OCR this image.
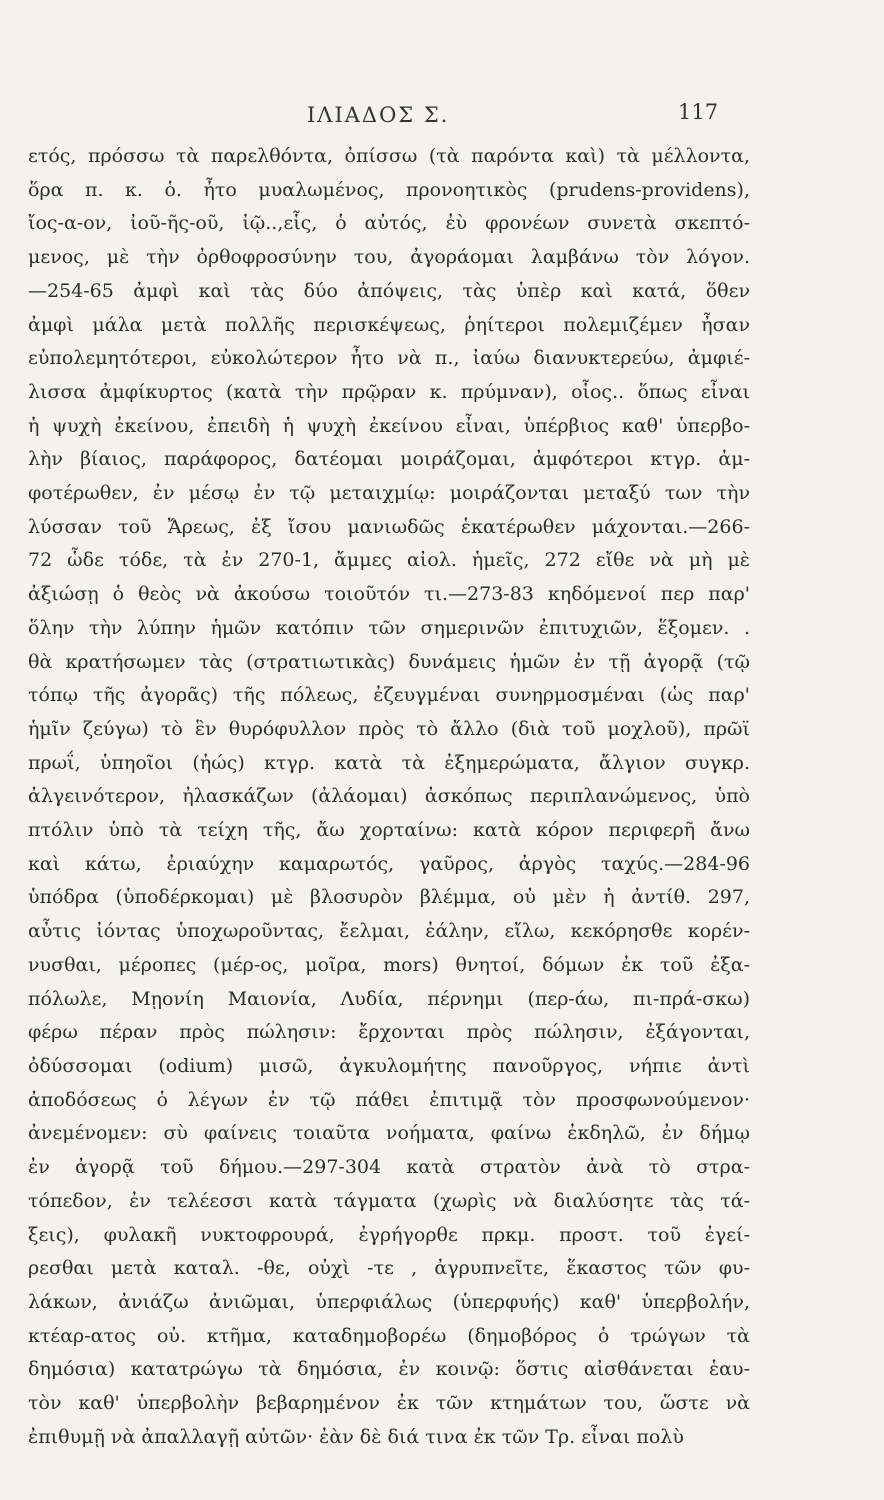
ΙΛΙΑΔΟΣ Σ.	117
ετός, πρόσσω τὰ παρελθόντα, ὀπίσσω (τὰ παρόντα καὶ) τὰ μέλλοντα,
ὅρα π. κ. ὁ. ἦτο μυαλωμένος, προνοητικὸς (prudens-providens),
ἴος-α-ον, ἰοῦ-ῆς-οῦ, ἰῷ..,εἷς, ὁ αὐτός, ἐὺ φρονέων συνετὰ σκεπτό-
μενος, μὲ τὴν ὀρθοφροσύνην του, ἀγοράομαι λαμβάνω τὸν λόγον.
—254-65 ἀμφὶ καὶ τὰς δύο ἀπόψεις, τὰς ὑπὲρ καὶ κατά, ὅθεν
ἀμφὶ μάλα μετὰ πολλῆς περισκέψεως, ῥηίτεροι πολεμιζέμεν ἦσαν
εὐπολεμητότεροι, εὐκολώτερον ἦτο νὰ π., ἰαύω διανυκτερεύω, ἀμφιέ-
λισσα ἀμφίκυρτος (κατὰ τὴν πρῷραν κ. πρύμναν), οἷος.. ὅπως εἶναι
ἡ ψυχὴ ἐκείνου, ἐπειδὴ ἡ ψυχὴ ἐκείνου εἶναι, ὑπέρβιος καθ' ὑπερβο-
λὴν βίαιος, παράφορος, δατέομαι μοιράζομαι, ἀμφότεροι κτγρ. ἀμ-
φοτέρωθεν, ἐν μέσῳ ἐν τῷ μεταιχμίῳ: μοιράζονται μεταξύ των τὴν
λύσσαν τοῦ Ἄρεως, ἐξ ἴσου μανιωδῶς ἑκατέρωθεν μάχονται.—266-
72 ὧδε τόδε, τὰ ἐν 270-1, ἄμμες αἰολ. ἡμεῖς, 272 εἴθε νὰ μὴ μὲ
ἀξιώσῃ ὁ θεὸς νὰ ἀκούσω τοιοῦτόν τι.—273-83 κηδόμενοί περ παρ'
ὅλην τὴν λύπην ἡμῶν κατόπιν τῶν σημερινῶν ἐπιτυχιῶν, ἕξομεν. .
θὰ κρατήσωμεν τὰς (στρατιωτικὰς) δυνάμεις ἡμῶν ἐν τῇ ἀγορᾷ (τῷ
τόπῳ τῆς ἀγορᾶς) τῆς πόλεως, ἐζευγμέναι συνηρμοσμέναι (ὡς παρ'
ἡμῖν ζεύγω) τὸ ἓν θυρόφυλλον πρὸς τὸ ἄλλο (διὰ τοῦ μοχλοῦ), πρῶϊ
πρωΐ, ὑπηοῖοι (ἠώς) κτγρ. κατὰ τὰ ἐξημερώματα, ἄλγιον συγκρ.
ἀλγεινότερον, ἠλασκάζων (ἀλάομαι) ἀσκόπως περιπλανώμενος, ὑπὸ
πτόλιν ὑπὸ τὰ τείχη τῆς, ἄω χορταίνω: κατὰ κόρον περιφερῆ ἄνω
καὶ κάτω, ἐριαύχην καμαρωτός, γαῦρος, ἀργὸς ταχύς.—284-96
ὑπόδρα (ὑποδέρκομαι) μὲ βλοσυρὸν βλέμμα, οὐ μὲν ἡ ἀντίθ. 297,
αὖτις ἰόντας ὑποχωροῦντας, ἔελμαι, ἐάλην, εἴλω, κεκόρησθε κορέν-
νυσθαι, μέροπες (μέρ-ος, μοῖρα, mors) θνητοί, δόμων ἐκ τοῦ ἐξα-
πόλωλε, Μῃονίη Μαιονία, Λυδία, πέρνημι (περ-άω, πι-πρά-σκω)
φέρω πέραν πρὸς πώλησιν: ἔρχονται πρὸς πώλησιν, ἐξάγονται,
ὀδύσσομαι (odium) μισῶ, ἀγκυλομήτης πανοῦργος, νήπιε ἀντὶ
ἀποδόσεως ὁ λέγων ἐν τῷ πάθει ἐπιτιμᾷ τὸν προσφωνούμενον·
ἀνεμένομεν: σὺ φαίνεις τοιαῦτα νοήματα, φαίνω ἐκδηλῶ, ἐν δήμῳ
ἐν ἀγορᾷ τοῦ δήμου.—297-304 κατὰ στρατὸν ἀνὰ τὸ στρα-
τόπεδον, ἐν τελέεσσι κατὰ τάγματα (χωρὶς νὰ διαλύσητε τὰς τά-
ξεις), φυλακῆ νυκτοφρουρά, ἐγρήγορθε πρκμ. προστ. τοῦ ἐγεί-
ρεσθαι μετὰ καταλ. -θε, οὐχὶ -τε , ἀγρυπνεῖτε, ἕκαστος τῶν φυ-
λάκων, ἀνιάζω ἀνιῶμαι, ὑπερφιάλως (ὑπερφυής) καθ' ὑπερβολήν,
κτέαρ-ατος οὐ. κτῆμα, καταδημοβορέω (δημοβόρος ὁ τρώγων τὰ
δημόσια) κατατρώγω τὰ δημόσια, ἐν κοινῷ: ὅστις αἰσθάνεται ἑαυ-
τὸν καθ' ὑπερβολὴν βεβαρημένον ἐκ τῶν κτημάτων του, ὥστε νὰ
ἐπιθυμῇ νὰ ἀπαλλαγῇ αὐτῶν· ἐὰν δὲ διά τινα ἐκ τῶν Τρ. εἶναι πολὺ
